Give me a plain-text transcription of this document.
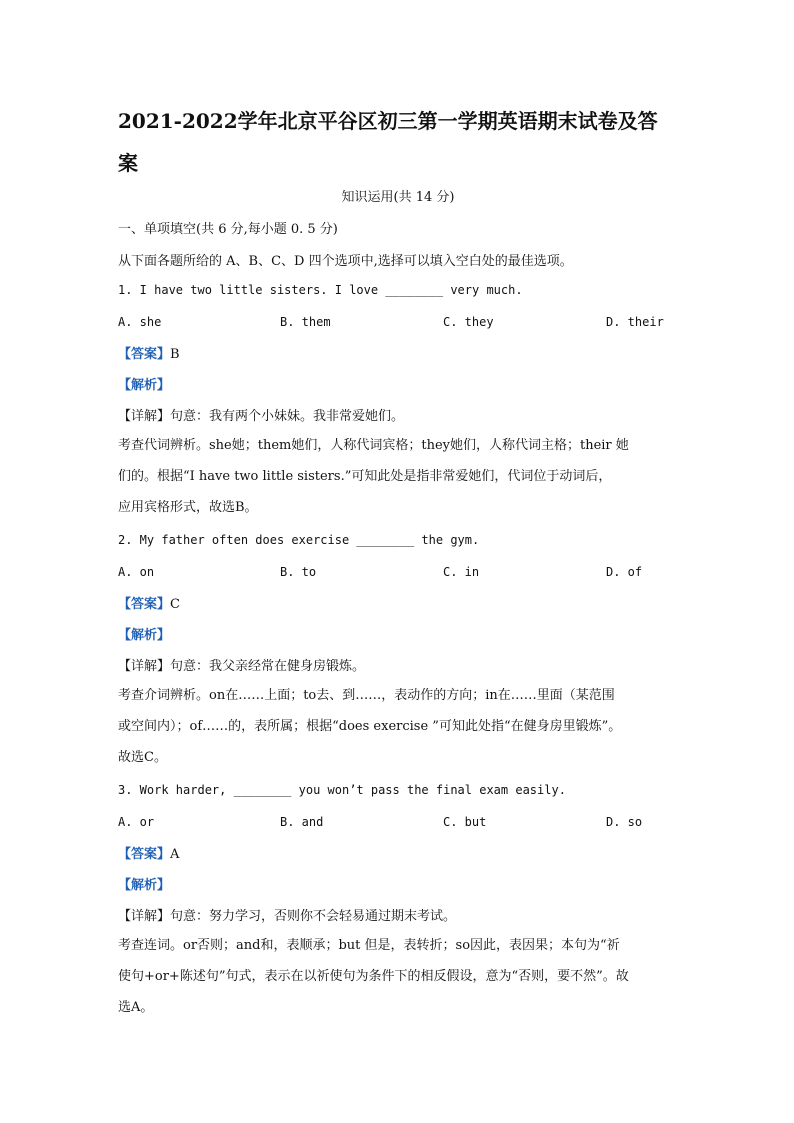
2021-2022学年北京平谷区初三第一学期英语期末试卷及答
案
知识运用(共 14 分)
一、单项填空(共 6 分,每小题 0. 5 分)
从下面各题所给的 A、B、C、D 四个选项中,选择可以填入空白处的最佳选项。
1. I have two little sisters. I love ________ very much.
A. she	B. them	C. they	D. their
【答案】B
【解析】
【详解】句意：我有两个小妹妹。我非常爱她们。
考查代词辨析。she她；them她们，人称代词宾格；they她们，人称代词主格；their 她
们的。根据“I have two little sisters.”可知此处是指非常爱她们，代词位于动词后，
应用宾格形式，故选B。
2. My father often does exercise ________ the gym.
A. on	B. to	C. in	D. of
【答案】C
【解析】
【详解】句意：我父亲经常在健身房锻炼。
考查介词辨析。on在……上面；to去、到……，表动作的方向；in在……里面（某范围
或空间内）；of……的，表所属；根据“does exercise ”可知此处指“在健身房里锻炼”。
故选C。
3. Work harder, ________ you won’t pass the final exam easily.
A. or	B. and	C. but	D. so
【答案】A
【解析】
【详解】句意：努力学习，否则你不会轻易通过期末考试。
考查连词。or否则；and和，表顺承；but 但是，表转折；so因此，表因果；本句为“祈
使句+or+陈述句”句式，表示在以祈使句为条件下的相反假设，意为“否则，要不然”。故
选A。
